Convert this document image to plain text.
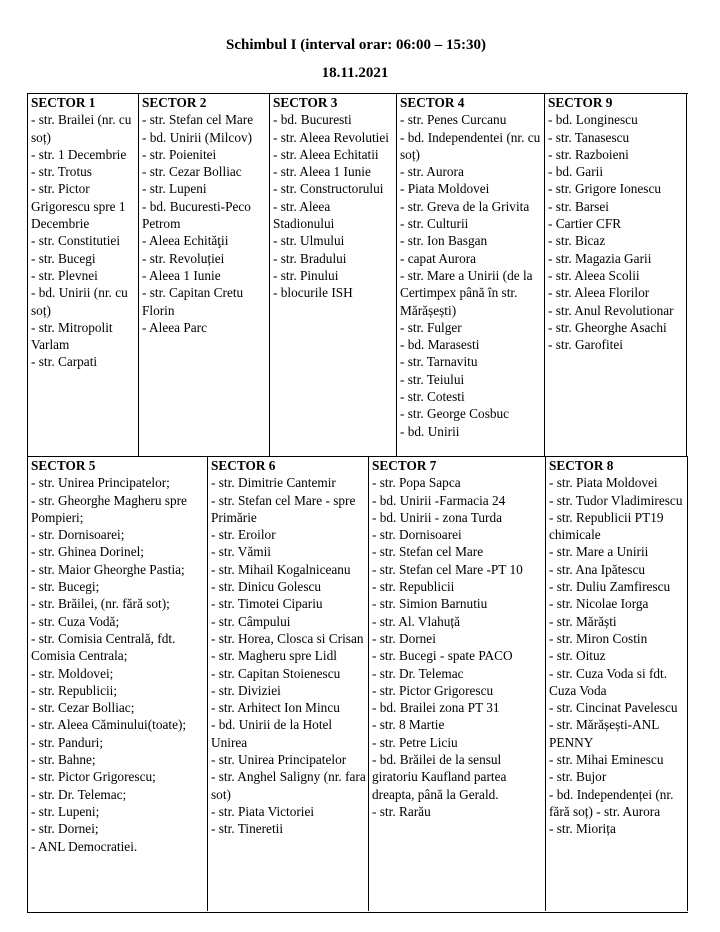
Schimbul I (interval orar: 06:00 – 15:30)
18.11.2021
SECTOR 1
- str. Brailei (nr. cu soț)
- str. 1 Decembrie
- str. Trotus
- str. Pictor Grigorescu spre 1 Decembrie
- str. Constitutiei
- str. Bucegi
- str. Plevnei
- bd. Unirii (nr. cu soț)
- str. Mitropolit Varlam
- str. Carpati
SECTOR 2
- str. Stefan cel Mare
- bd. Unirii (Milcov)
- str. Poienitei
- str. Cezar Bolliac
- str. Lupeni
- bd. Bucuresti-Peco Petrom
- Aleea Echităţii
- str. Revoluției
- Aleea 1 Iunie
- str. Capitan Cretu Florin
- Aleea Parc
SECTOR 3
- bd. Bucuresti
- str. Aleea Revolutiei
- str. Aleea Echitatii
- str. Aleea 1 Iunie
- str. Constructorului
- str. Aleea Stadionului
- str. Ulmului
- str. Bradului
- str. Pinului
- blocurile ISH
SECTOR 4
- str. Penes Curcanu
- bd. Independentei (nr. cu soț)
- str. Aurora
- Piata Moldovei
- str. Greva de la Grivita
- str. Culturii
- str. Ion Basgan
- capat Aurora
- str. Mare a Unirii (de la Certimpex până în str. Mărășești)
- str. Fulger
- bd. Marasesti
- str. Tarnavitu
- str. Teiului
- str. Cotesti
- str. George Cosbuc
- bd. Unirii
SECTOR 9
- bd. Longinescu
- str. Tanasescu
- str. Razboieni
- bd. Garii
- str. Grigore Ionescu
- str. Barsei
- Cartier CFR
- str. Bicaz
- str. Magazia Garii
- str. Aleea Scolii
- str. Aleea Florilor
- str. Anul Revolutionar
- str. Gheorghe Asachi
- str. Garofitei
SECTOR 5
- str. Unirea Principatelor;
- str. Gheorghe Magheru spre Pompieri;
- str. Dornisoarei;
- str. Ghinea Dorinel;
- str. Maior Gheorghe Pastia;
- str. Bucegi;
- str. Brăilei, (nr. fără sot);
- str. Cuza Vodă;
- str. Comisia Centrală, fdt. Comisia Centrala;
- str. Moldovei;
- str. Republicii;
- str. Cezar Bolliac;
- str. Aleea Căminului(toate);
- str. Panduri;
- str. Bahne;
- str. Pictor Grigorescu;
- str. Dr. Telemac;
- str. Lupeni;
- str. Dornei;
- ANL Democratiei.
SECTOR 6
- str. Dimitrie Cantemir
- str. Stefan cel Mare - spre Primărie
- str. Eroilor
- str. Vămii
- str. Mihail Kogalniceanu
- str. Dinicu Golescu
- str. Timotei Cipariu
- str. Câmpului
- str. Horea, Closca si Crisan
- str. Magheru spre Lidl
- str. Capitan Stoienescu
- str. Diviziei
- str. Arhitect Ion Mincu
- bd. Unirii de la Hotel Unirea
- str. Unirea Principatelor
- str. Anghel Saligny (nr. fara sot)
- str. Piata Victoriei
- str. Tineretii
SECTOR 7
- str. Popa Sapca
- bd. Unirii -Farmacia 24
- bd. Unirii - zona Turda
- str. Dornisoarei
- str. Stefan cel Mare
- str. Stefan cel Mare -PT 10
- str. Republicii
- str. Simion Barnutiu
- str. Al. Vlahuță
- str. Dornei
- str. Bucegi - spate PACO
- str. Dr. Telemac
- str. Pictor Grigorescu
- bd. Brailei zona PT 31
- str. 8 Martie
- str. Petre Liciu
- bd. Brăilei de la sensul giratoriu Kaufland partea dreapta, până la Gerald.
- str. Rarău
SECTOR 8
- str. Piata Moldovei
- str. Tudor Vladimirescu
- str. Republicii PT19 chimicale
- str. Mare a Unirii
- str. Ana Ipătescu
- str. Duliu Zamfirescu
- str. Nicolae Iorga
- str. Mărăști
- str. Miron Costin
- str. Oituz
- str. Cuza Voda si fdt. Cuza Voda
- str. Cincinat Pavelescu
- str. Mărășești-ANL PENNY
- str. Mihai Eminescu
- str. Bujor
- bd. Independenței (nr. fără soț) - str. Aurora
- str. Miorița
